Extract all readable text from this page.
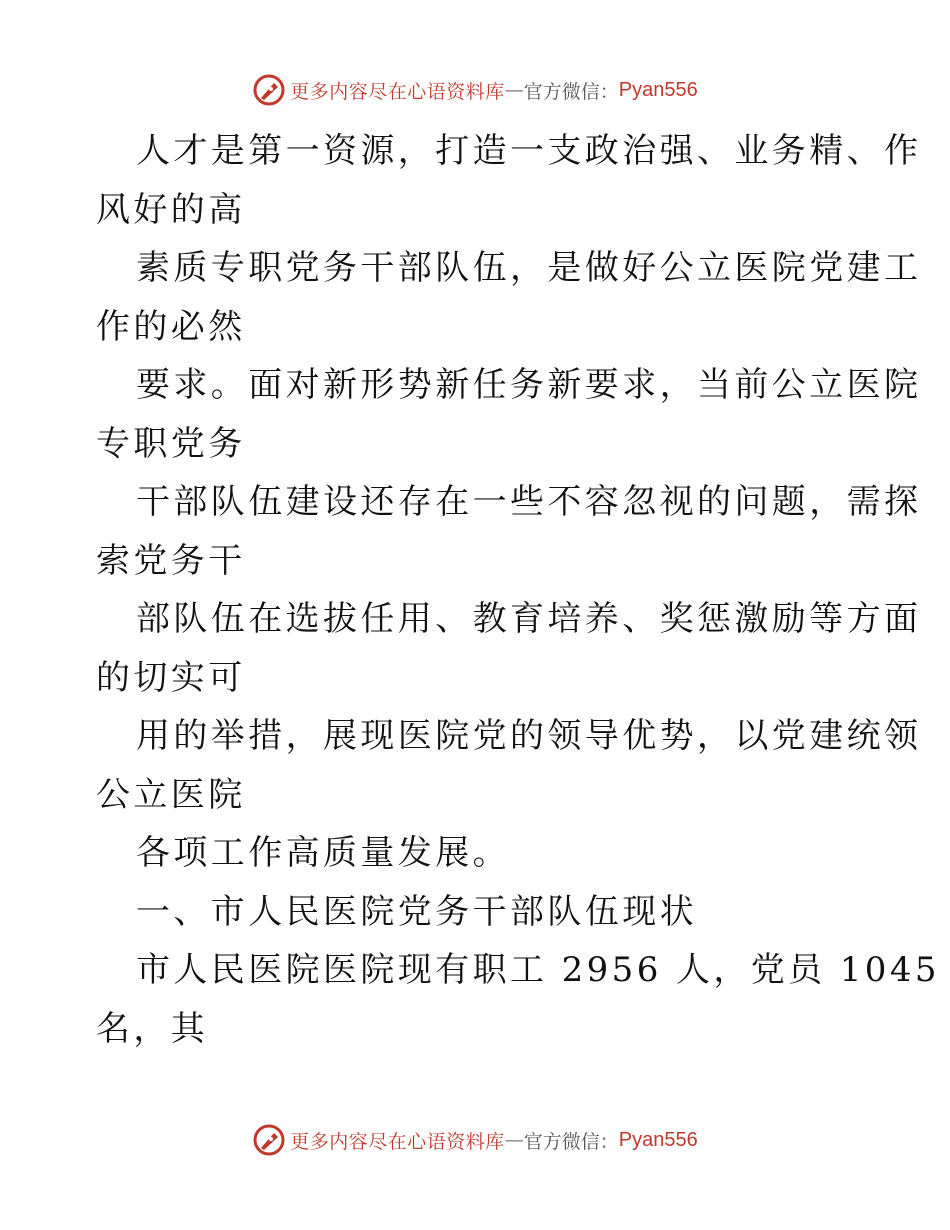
更多内容尽在心语资料库 — 官方微信： Pyan556
人才是第一资源，打造一支政治强、业务精、作
风好的高
素质专职党务干部队伍，是做好公立医院党建工
作的必然
要求。面对新形势新任务新要求，当前公立医院
专职党务
干部队伍建设还存在一些不容忽视的问题，需探
索党务干
部队伍在选拔任用、教育培养、奖惩激励等方面
的切实可
用的举措，展现医院党的领导优势，以党建统领
公立医院
各项工作高质量发展。
一、市人民医院党务干部队伍现状
市人民医院医院现有职工 2956 人，党员 1045
名，其
更多内容尽在心语资料库 — 官方微信： Pyan556
